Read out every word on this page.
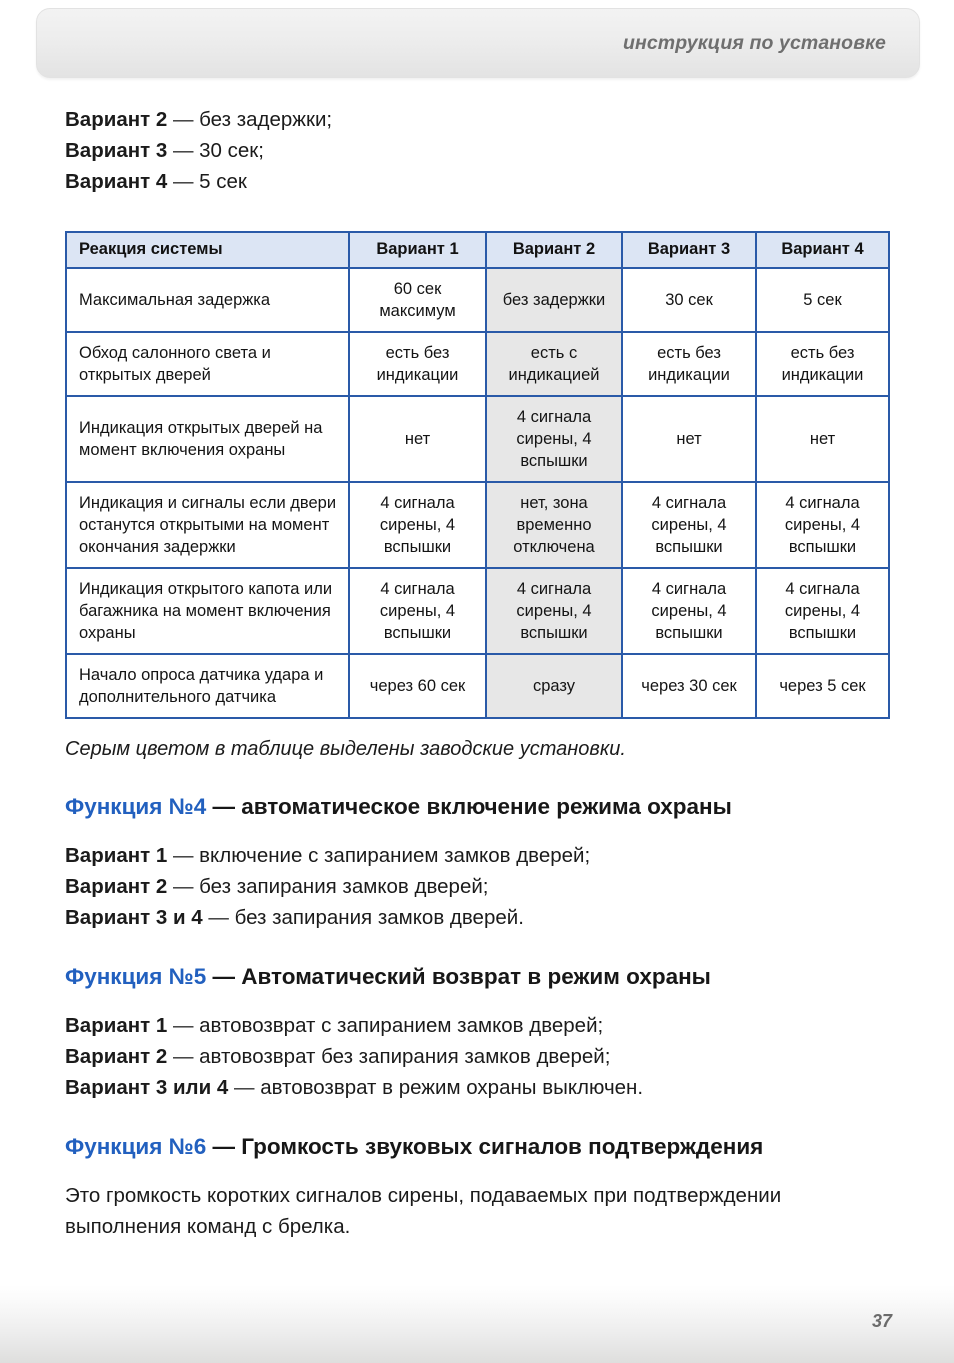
инструкция по установке
Вариант 2 — без задержки;
Вариант 3 — 30 сек;
Вариант 4 — 5 сек
Реакция системы	Вариант 1	Вариант 2	Вариант 3	Вариант 4
Максимальная задержка	60 сек максимум	без задержки	30 сек	5 сек
Обход салонного света и открытых дверей	есть без индикации	есть с индикацией	есть без индикации	есть без индикации
Индикация открытых дверей на момент включения охраны	нет	4 сигнала сирены, 4 вспышки	нет	нет
Индикация и сигналы если двери останутся открытыми на момент окончания задержки	4 сигнала сирены, 4 вспышки	нет, зона временно отключена	4 сигнала сирены, 4 вспышки	4 сигнала сирены, 4 вспышки
Индикация открытого капота или багажника на момент включения охраны	4 сигнала сирены, 4 вспышки	4 сигнала сирены, 4 вспышки	4 сигнала сирены, 4 вспышки	4 сигнала сирены, 4 вспышки
Начало опроса датчика удара и дополнительного датчика	через 60 сек	сразу	через 30 сек	через 5 сек
Серым цветом в таблице выделены заводские установки.
Функция №4 — автоматическое включение режима охраны
Вариант 1 — включение с запиранием замков дверей;
Вариант 2 — без запирания замков дверей;
Вариант 3 и 4 — без запирания замков дверей.
Функция №5 — Автоматический возврат в режим охраны
Вариант 1 — автовозврат с запиранием замков дверей;
Вариант 2 — автовозврат без запирания замков дверей;
Вариант 3 или 4 — автовозврат в режим охраны выключен.
Функция №6 — Громкость звуковых сигналов подтверждения
Это громкость коротких сигналов сирены, подаваемых при подтверждении выполнения команд с брелка.
37
